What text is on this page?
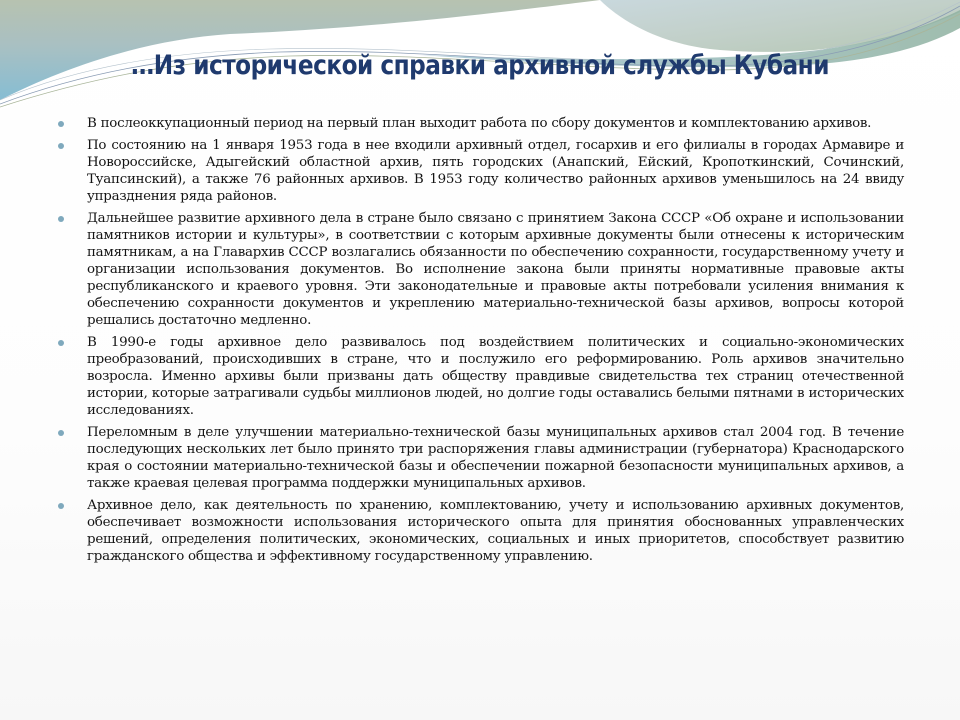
…Из исторической справки архивной службы Кубани
В послеоккупационный период на первый план выходит работа по сбору документов и комплектованию архивов.
По состоянию на 1 января 1953 года в нее входили архивный отдел, госархив и его филиалы в городах Армавире и Новороссийске, Адыгейский областной архив, пять городских (Анапский, Ейский, Кропоткинский, Сочинский, Туапсинский), а также 76 районных архивов. В 1953 году количество районных архивов уменьшилось на 24 ввиду упразднения ряда районов.
Дальнейшее развитие архивного дела в стране было связано с принятием Закона СССР «Об охране и использовании памятников истории и культуры», в соответствии с которым архивные документы были отнесены к историческим памятникам, а на Главархив СССР возлагались обязанности по обеспечению сохранности, государственному учету и организации использования документов. Во исполнение закона были приняты нормативные правовые акты республиканского и краевого уровня. Эти законодательные и правовые акты потребовали усиления внимания к обеспечению сохранности документов и укреплению материально-технической базы архивов, вопросы которой решались достаточно медленно.
В 1990-е годы архивное дело развивалось под воздействием политических и социально-экономических преобразований, происходивших в стране, что и послужило его реформированию. Роль архивов значительно возросла. Именно архивы были призваны дать обществу правдивые свидетельства тех страниц отечественной истории, которые затрагивали судьбы миллионов людей, но долгие годы оставались белыми пятнами в исторических исследованиях.
Переломным в деле улучшении материально-технической базы муниципальных архивов стал 2004 год. В течение последующих нескольких лет было принято три распоряжения главы администрации (губернатора) Краснодарского края о состоянии материально-технической базы и обеспечении пожарной безопасности муниципальных архивов, а также краевая целевая программа поддержки муниципальных архивов.
Архивное дело, как деятельность по хранению, комплектованию, учету и использованию архивных документов, обеспечивает возможности использования исторического опыта для принятия обоснованных управленческих решений, определения политических, экономических, социальных и иных приоритетов, способствует развитию гражданского общества и эффективному государственному управлению.
